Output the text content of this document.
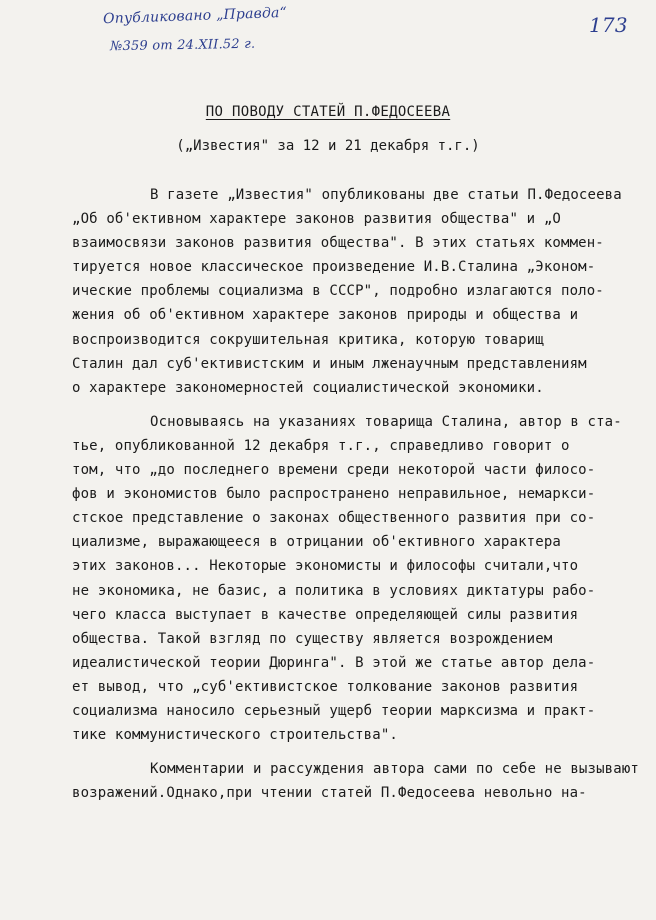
Опубликовано „Правда“
№359 от 24.XII.52 г.
173
ПО ПОВОДУ СТАТЕЙ П.ФЕДОСЕЕВА
(„Известия" за 12 и 21 декабря т.г.)
В газете „Известия" опубликованы две статьи П.Федосеева
„Об об'ективном характере законов развития общества" и „О
взаимосвязи законов развития общества". В этих статьях коммен-
тируется новое классическое произведение И.В.Сталина „Эконом-
ические проблемы социализма в СССР", подробно излагаются поло-
жения об об'ективном характере законов природы и общества и
воспроизводится сокрушительная критика, которую товарищ
Сталин дал суб'ективистским и иным лженаучным представлениям
о характере закономерностей социалистической экономики.
Основываясь на указаниях товарища Сталина, автор в ста-
тье, опубликованной 12 декабря т.г., справедливо говорит о
том, что „до последнего времени среди некоторой части филосо-
фов и экономистов было распространено неправильное, немаркси-
стское представление о законах общественного развития при со-
циализме, выражающееся в отрицании об'ективного характера
этих законов... Некоторые экономисты и философы считали,что
не экономика, не базис, а политика в условиях диктатуры рабо-
чего класса выступает в качестве определяющей силы развития
общества. Такой взгляд по существу является возрождением
идеалистической теории Дюринга". В этой же статье автор дела-
ет вывод, что „суб'ективистское толкование законов развития
социализма наносило серьезный ущерб теории марксизма и практ-
тике коммунистического строительства".
Комментарии и рассуждения автора сами по себе не вызывают
возражений.Однако,при чтении статей П.Федосеева невольно на-
